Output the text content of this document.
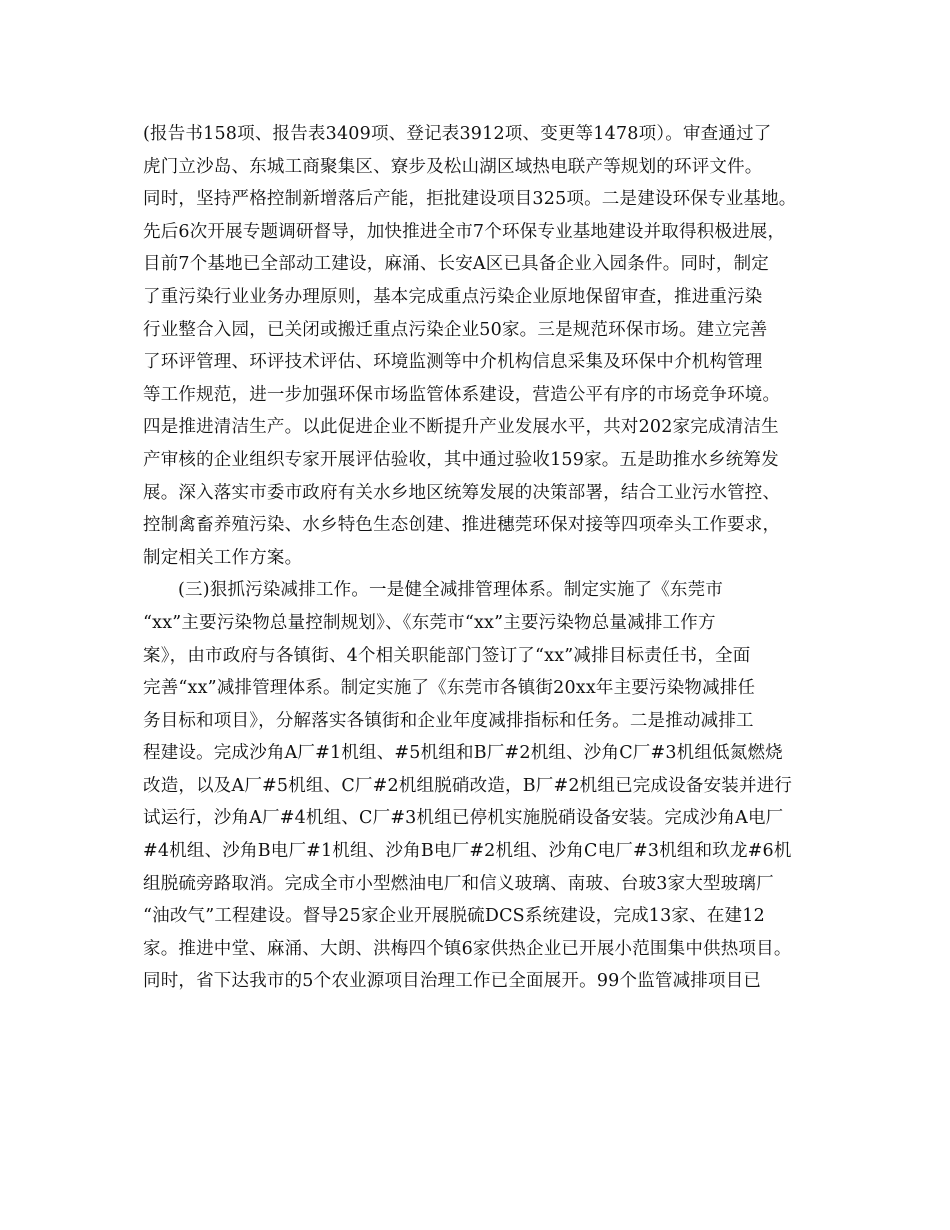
(报告书158项、报告表3409项、登记表3912项、变更等1478项）。审查通过了
虎门立沙岛、东城工商聚集区、寮步及松山湖区域热电联产等规划的环评文件。
同时，坚持严格控制新增落后产能，拒批建设项目325项。二是建设环保专业基地。
先后6次开展专题调研督导，加快推进全市7个环保专业基地建设并取得积极进展，
目前7个基地已全部动工建设，麻涌、长安A区已具备企业入园条件。同时，制定
了重污染行业业务办理原则，基本完成重点污染企业原地保留审查，推进重污染
行业整合入园，已关闭或搬迁重点污染企业50家。三是规范环保市场。建立完善
了环评管理、环评技术评估、环境监测等中介机构信息采集及环保中介机构管理
等工作规范，进一步加强环保市场监管体系建设，营造公平有序的市场竞争环境。
四是推进清洁生产。以此促进企业不断提升产业发展水平，共对202家完成清洁生
产审核的企业组织专家开展评估验收，其中通过验收159家。五是助推水乡统筹发
展。深入落实市委市政府有关水乡地区统筹发展的决策部署，结合工业污水管控、
控制禽畜养殖污染、水乡特色生态创建、推进穗莞环保对接等四项牵头工作要求，
制定相关工作方案。
(三)狠抓污染减排工作。一是健全减排管理体系。制定实施了《东莞市
“xx”主要污染物总量控制规划》、《东莞市“xx”主要污染物总量减排工作方
案》，由市政府与各镇街、4个相关职能部门签订了“xx”减排目标责任书，全面
完善“xx”减排管理体系。制定实施了《东莞市各镇街20xx年主要污染物减排任
务目标和项目》，分解落实各镇街和企业年度减排指标和任务。二是推动减排工
程建设。完成沙角A厂#1机组、#5机组和B厂#2机组、沙角C厂#3机组低氮燃烧
改造，以及A厂#5机组、C厂#2机组脱硝改造，B厂#2机组已完成设备安装并进行
试运行，沙角A厂#4机组、C厂#3机组已停机实施脱硝设备安装。完成沙角A电厂
#4机组、沙角B电厂#1机组、沙角B电厂#2机组、沙角C电厂#3机组和玖龙#6机
组脱硫旁路取消。完成全市小型燃油电厂和信义玻璃、南玻、台玻3家大型玻璃厂
“油改气”工程建设。督导25家企业开展脱硫DCS系统建设，完成13家、在建12
家。推进中堂、麻涌、大朗、洪梅四个镇6家供热企业已开展小范围集中供热项目。
同时，省下达我市的5个农业源项目治理工作已全面展开。99个监管减排项目已
